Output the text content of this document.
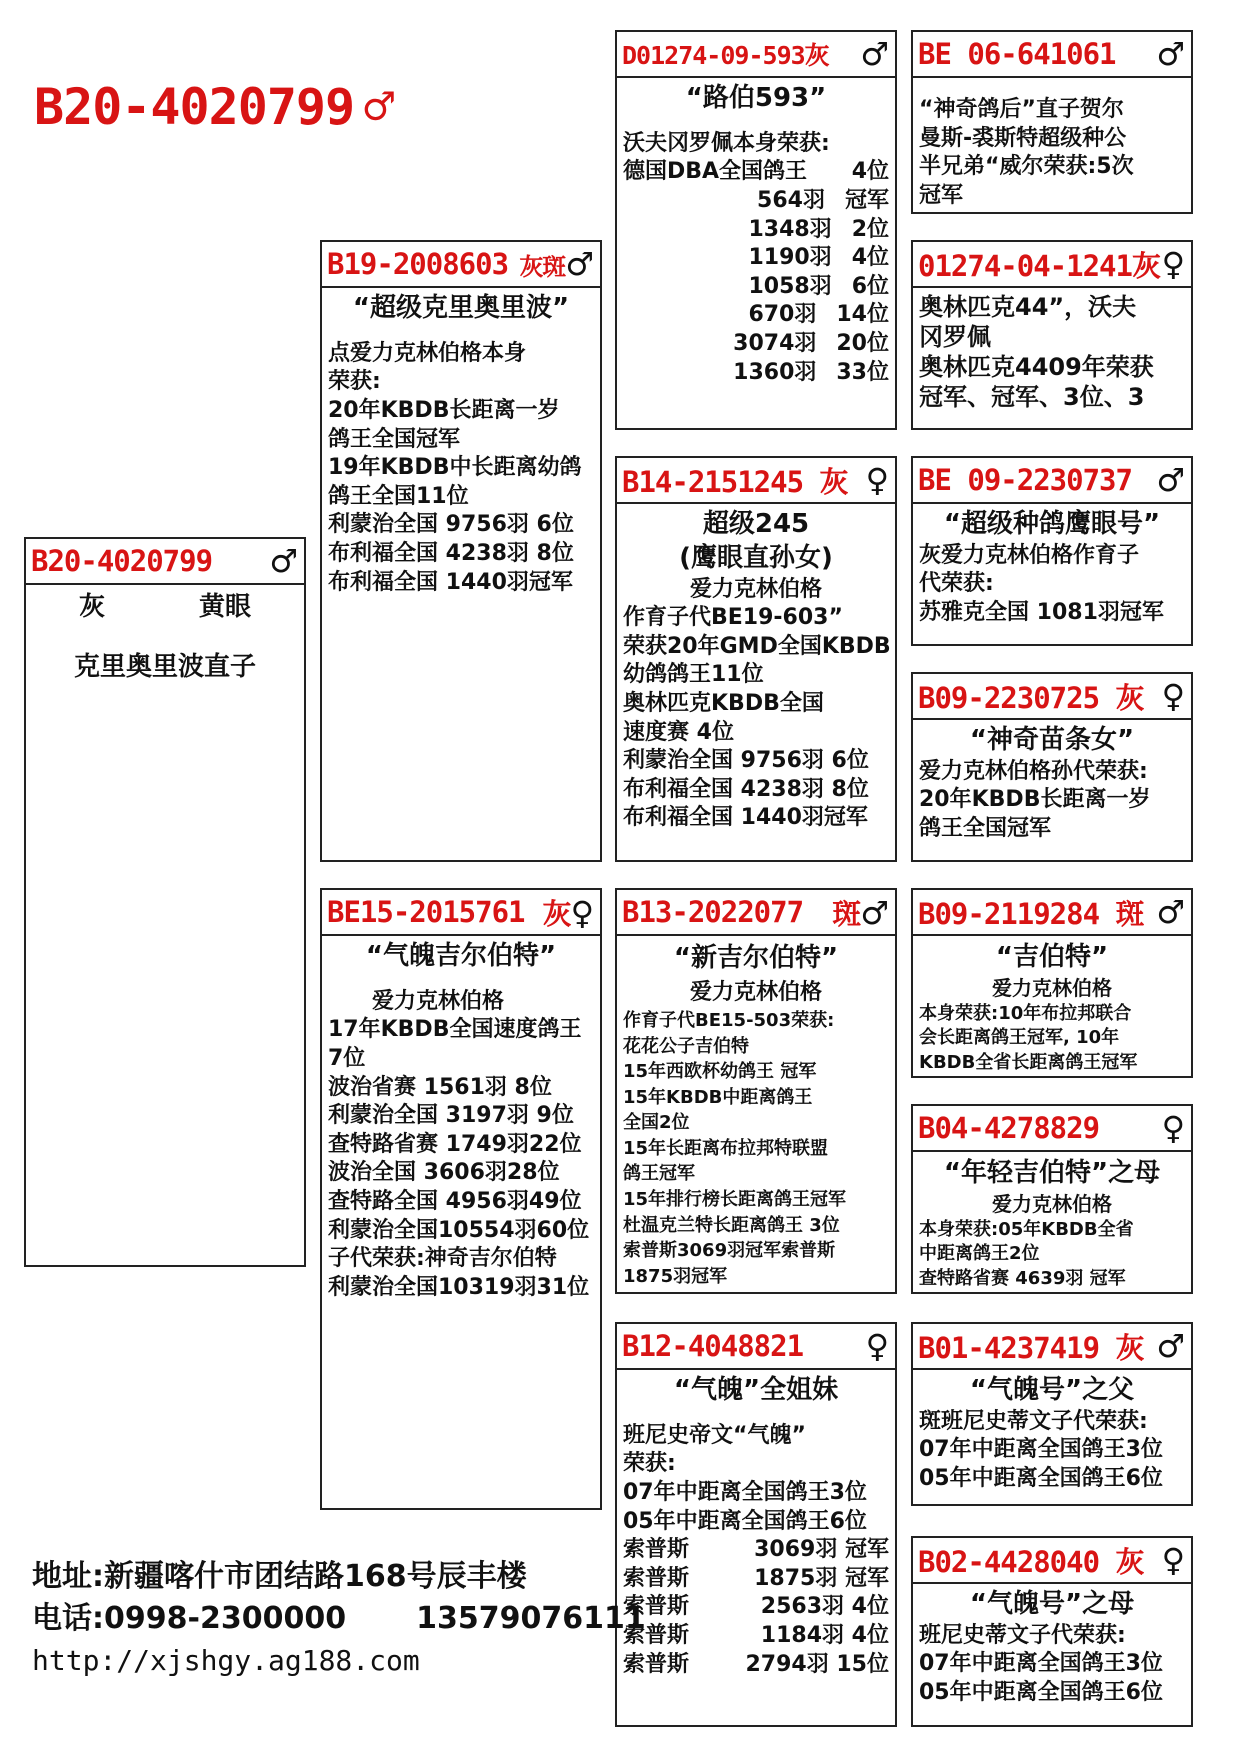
B20-4020799 ♂
B20-4020799 ♂
灰	黄眼
克里奥里波直子
B19-2008603 灰斑♂
“超级克里奥里波”
点爱力克林伯格本身
荣获:
20年KBDB长距离一岁
鸽王全国冠军
19年KBDB中长距离幼鸽
鸽王全国11位
利蒙治全国 9756羽 6位
布利福全国 4238羽 8位
布利福全国 1440羽冠军
BE15-2015761 灰♀
“气魄吉尔伯特”
爱力克林伯格
17年KBDB全国速度鸽王
7位
波治省赛 1561羽 8位
利蒙治全国 3197羽 9位
查特路省赛 1749羽22位
波治全国 3606羽28位
查特路全国 4956羽49位
利蒙治全国10554羽60位
子代荣获:神奇吉尔伯特
利蒙治全国10319羽31位
D01274-09-593灰 ♂
“路伯593”
沃夫冈罗佩本身荣获:
德国DBA全国鸽王 4位
564羽 冠军
1348羽 2位
1190羽 4位
1058羽 6位
670羽 14位
3074羽 20位
1360羽 33位
B14-2151245 灰 ♀
超级245
(鹰眼直孙女)
爱力克林伯格
作育子代BE19-603”
荣获20年GMD全国KBDB
幼鸽鸽王11位
奥林匹克KBDB全国
速度赛 4位
利蒙治全国 9756羽 6位
布利福全国 4238羽 8位
布利福全国 1440羽冠军
B13-2022077 斑♂
“新吉尔伯特”
爱力克林伯格
作育子代BE15-503荣获:
花花公子吉伯特
15年西欧杯幼鸽王 冠军
15年KBDB中距离鸽王
全国2位
15年长距离布拉邦特联盟
鸽王冠军
15年排行榜长距离鸽王冠军
杜温克兰特长距离鸽王 3位
索普斯3069羽冠军索普斯
1875羽冠军
B12-4048821 ♀
“气魄”全姐妹
班尼史帝文“气魄”
荣获:
07年中距离全国鸽王3位
05年中距离全国鸽王6位
索普斯	3069羽 冠军
索普斯	1875羽 冠军
索普斯	2563羽 4位
索普斯	1184羽 4位
索普斯	2794羽 15位
BE 06-641061 ♂
“神奇鸽后”直子贺尔
曼斯-裘斯特超级种公
半兄弟“威尔荣获:5次
冠军
01274-04-1241灰 ♀
奥林匹克44”，沃夫
冈罗佩
奥林匹克4409年荣获
冠军、冠军、3位、3
BE 09-2230737 ♂
“超级种鸽鹰眼号”
灰爱力克林伯格作育子
代荣获:
苏雅克全国 1081羽冠军
B09-2230725 灰 ♀
“神奇苗条女”
爱力克林伯格孙代荣获:
20年KBDB长距离一岁
鸽王全国冠军
B09-2119284 斑 ♂
“吉伯特”
爱力克林伯格
本身荣获:10年布拉邦联合
会长距离鸽王冠军, 10年
KBDB全省长距离鸽王冠军
B04-4278829 ♀
“年轻吉伯特”之母
爱力克林伯格
本身荣获:05年KBDB全省
中距离鸽王2位
查特路省赛 4639羽 冠军
B01-4237419 灰 ♂
“气魄号”之父
斑班尼史蒂文子代荣获:
07年中距离全国鸽王3位
05年中距离全国鸽王6位
B02-4428040 灰 ♀
“气魄号”之母
班尼史蒂文子代荣获:
07年中距离全国鸽王3位
05年中距离全国鸽王6位
地址:新疆喀什市团结路168号辰丰楼
电话:0998-2300000 13579076111
http://xjshgy.ag188.com
